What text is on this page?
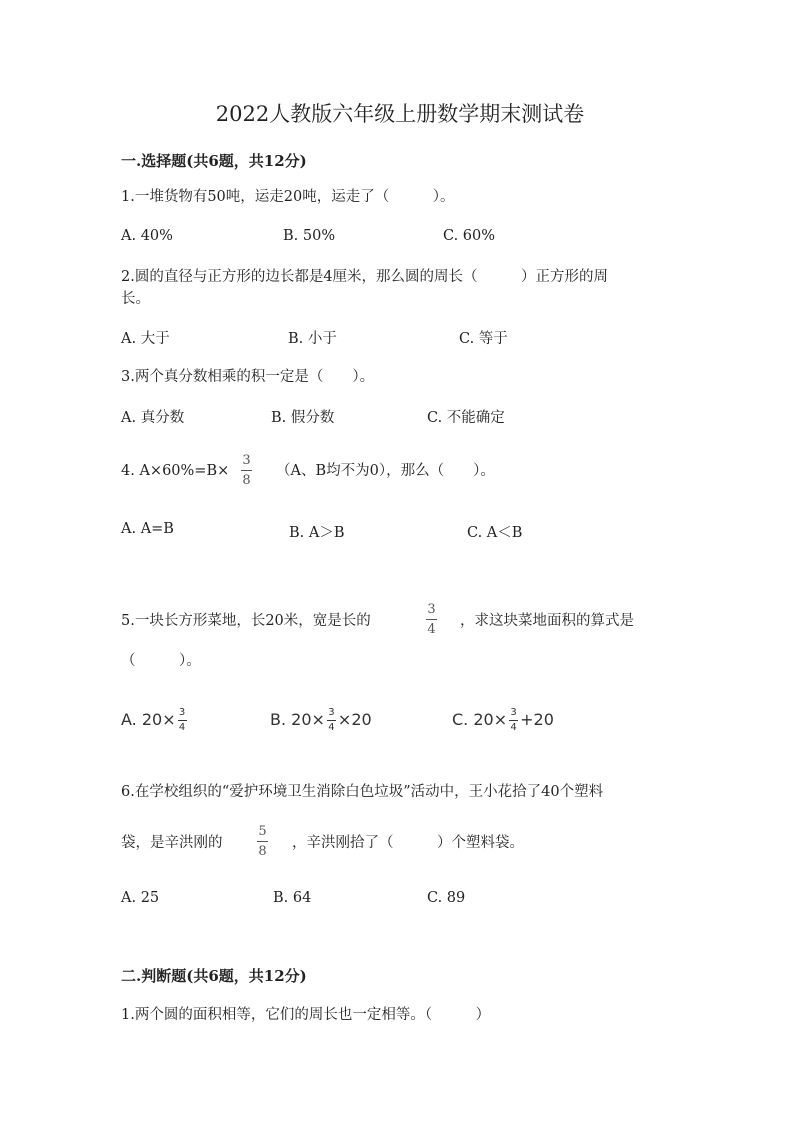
2022人教版六年级上册数学期末测试卷
一.选择题(共6题，共12分)
1.一堆货物有50吨，运走20吨，运走了（　　　）。
A. 40%	B. 50%	C. 60%
2.圆的直径与正方形的边长都是4厘米，那么圆的周长（　　　）正方形的周
长。
A. 大于	B. 小于	C. 等于
3.两个真分数相乘的积一定是（　　）。
A. 真分数	B. 假分数	C. 不能确定
4. $A\times 60\%=B\times \frac{3}{8} (A$、B均不为0），那么（　　）。
A. A=B	B. A＞B	C. A＜B
5.一块长方形菜地，长20米，宽是长的	$\frac{3}{4}$ ，求这块菜地面积的算式是
（　　　）。
A. $20\times \frac{3}{4}$	B. $20\times \frac{3}{4} \times 20$	C. $20\times \frac{3}{4} +20$
6.在学校组织的“爱护环境卫生消除白色垃圾”活动中，王小花拾了40个塑料
袋，是辛洪刚的	$\frac{5}{8}$ ，辛洪刚拾了（　　　）个塑料袋。
A. 25	B. 64	C. 89
二.判断题(共6题，共12分)
1.两个圆的面积相等，它们的周长也一定相等。（　　　）
